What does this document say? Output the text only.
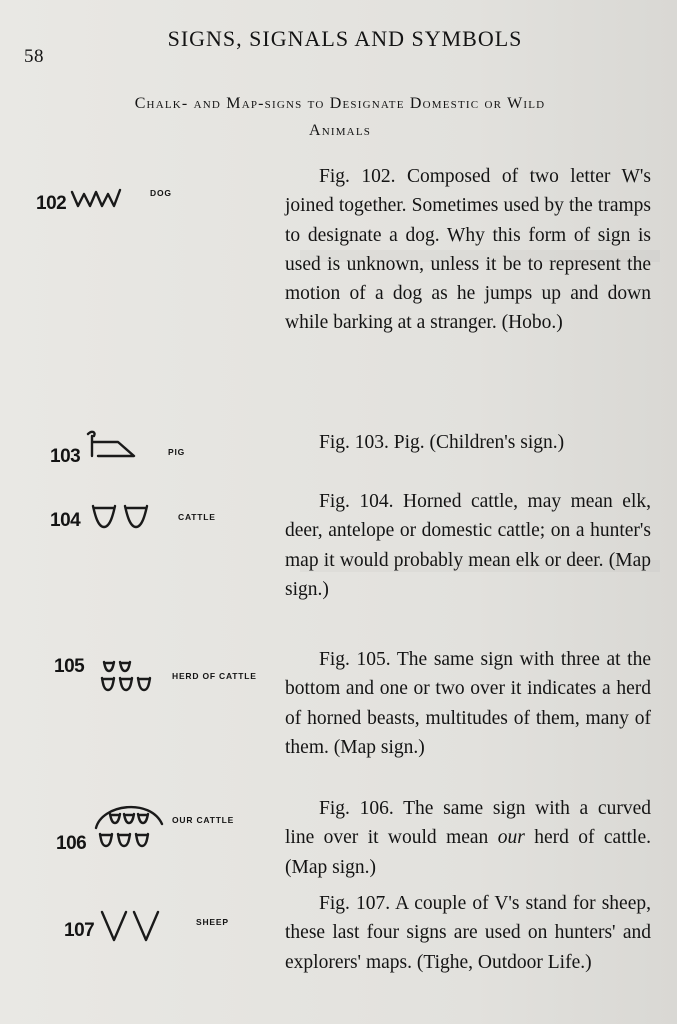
58
SIGNS, SIGNALS AND SYMBOLS
Chalk- and Map-signs to Designate Domestic or Wild
Animals
102	DOG
Fig. 102. Composed of two letter W's joined together. Sometimes used by the tramps to designate a dog. Why this form of sign is used is unknown, unless it be to represent the motion of a dog as he jumps up and down while barking at a stranger. (Hobo.)
103	PIG	Fig. 103. Pig. (Children's sign.)
104	CATTLE
Fig. 104. Horned cattle, may mean elk, deer, antelope or domestic cattle; on a hunter's map it would probably mean elk or deer. (Map sign.)
105	HERD OF CATTLE
Fig. 105. The same sign with three at the bottom and one or two over it indicates a herd of horned beasts, multitudes of them, many of them. (Map sign.)
106
OUR CATTLE
Fig. 106. The same sign with a curved line over it would mean our herd of cattle. (Map sign.)
107	SHEEP
Fig. 107. A couple of V's stand for sheep, these last four signs are used on hunters' and explorers' maps. (Tighe, Outdoor Life.)
